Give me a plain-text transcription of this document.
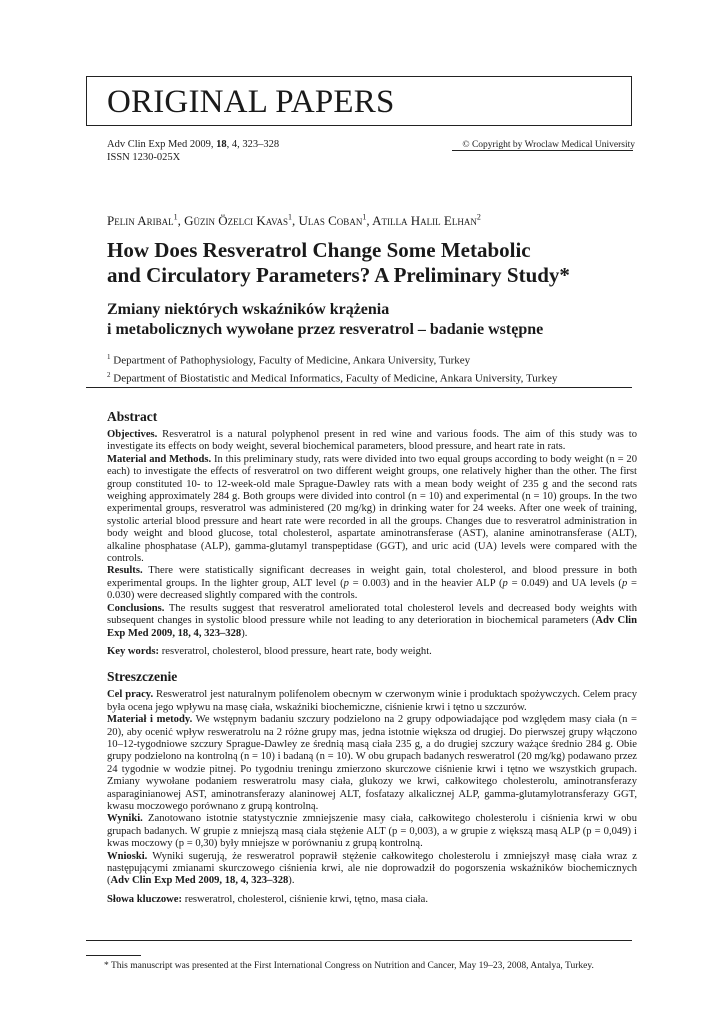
ORIGINAL PAPERS
Adv Clin Exp Med 2009, 18, 4, 323–328
ISSN 1230-025X
© Copyright by Wroclaw Medical University
Pelin Aribal$^1$, Güzin Özelci Kavas$^1$, Ulas Coban$^1$, Atilla Halil Elhan$^2$
How Does Resveratrol Change Some Metabolic
and Circulatory Parameters? A Preliminary Study*
Zmiany niektórych wskaźników krążenia
i metabolicznych wywołane przez resveratrol – badanie wstępne
$^1$ Department of Pathophysiology, Faculty of Medicine, Ankara University, Turkey
$^2$ Department of Biostatistic and Medical Informatics, Faculty of Medicine, Ankara University, Turkey
Abstract

Objectives. Resveratrol is a natural polyphenol present in red wine and various foods. The aim of this study was to investigate its effects on body weight, several biochemical parameters, blood pressure, and heart rate in rats.

Material and Methods. In this preliminary study, rats were divided into two equal groups according to body weight (n = 20 each) to investigate the effects of resveratrol on two different weight groups, one relatively higher than the other. The first group constituted 10- to 12-week-old male Sprague-Dawley rats with a mean body weight of 235 g and the second rats weighing approximately 284 g. Both groups were divided into control (n = 10) and experimental (n = 10) groups. In the two experimental groups, resveratrol was administered (20 mg/kg) in drinking water for 24 weeks. After one week of training, systolic arterial blood pressure and heart rate were recorded in all the groups. Changes due to resveratrol administration in body weight and blood glucose, total cholesterol, aspartate aminotransferase (AST), alanine aminotransferase (ALT), alkaline phosphatase (ALP), gamma-glutamyl transpeptidase (GGT), and uric acid (UA) levels were compared with the controls.

Results. There were statistically significant decreases in weight gain, total cholesterol, and blood pressure in both experimental groups. In the lighter group, ALT level (p = 0.003) and in the heavier ALP (p = 0.049) and UA levels (p = 0.030) were decreased slightly compared with the controls.

Conclusions. The results suggest that resveratrol ameliorated total cholesterol levels and decreased body weights with subsequent changes in systolic blood pressure while not leading to any deterioration in biochemical parameters (Adv Clin Exp Med 2009, 18, 4, 323–328).

Key words: resveratrol, cholesterol, blood pressure, heart rate, body weight.

Streszczenie

Cel pracy. Resweratrol jest naturalnym polifenolem obecnym w czerwonym winie i produktach spożywczych. Celem pracy była ocena jego wpływu na masę ciała, wskaźniki biochemiczne, ciśnienie krwi i tętno u szczurów.

Materiał i metody. We wstępnym badaniu szczury podzielono na 2 grupy odpowiadające pod względem masy ciała (n = 20), aby ocenić wpływ resweratrolu na 2 różne grupy mas, jedna istotnie większa od drugiej. Do pierwszej grupy włączono 10–12-tygodniowe szczury Sprague-Dawley ze średnią masą ciała 235 g, a do drugiej szczury ważące średnio 284 g. Obie grupy podzielono na kontrolną (n = 10) i badaną (n = 10). W obu grupach badanych resweratrol (20 mg/kg) podawano przez 24 tygodnie w wodzie pitnej. Po tygodniu treningu zmierzono skurczowe ciśnienie krwi i tętno we wszystkich grupach. Zmiany wywołane podaniem resweratrolu masy ciała, glukozy we krwi, całkowitego cholesterolu, aminotransferazy asparaginianowej AST, aminotransferazy alaninowej ALT, fosfatazy alkalicznej ALP, gamma-glutamylotransferazy GGT, kwasu moczowego porównano z grupą kontrolną.

Wyniki. Zanotowano istotnie statystycznie zmniejszenie masy ciała, całkowitego cholesterolu i ciśnienia krwi w obu grupach badanych. W grupie z mniejszą masą ciała stężenie ALT (p = 0,003), a w grupie z większą masą ALP (p = 0,049) i kwas moczowy (p = 0,30) były mniejsze w porównaniu z grupą kontrolną.

Wnioski. Wyniki sugerują, że resweratrol poprawił stężenie całkowitego cholesterolu i zmniejszył masę ciała wraz z następującymi zmianami skurczowego ciśnienia krwi, ale nie doprowadził do pogorszenia wskaźników biochemicznych (Adv Clin Exp Med 2009, 18, 4, 323–328).

Słowa kluczowe: resweratrol, cholesterol, ciśnienie krwi, tętno, masa ciała.

* This manuscript was presented at the First International Congress on Nutrition and Cancer, May 19–23, 2008, Antalya, Turkey.
